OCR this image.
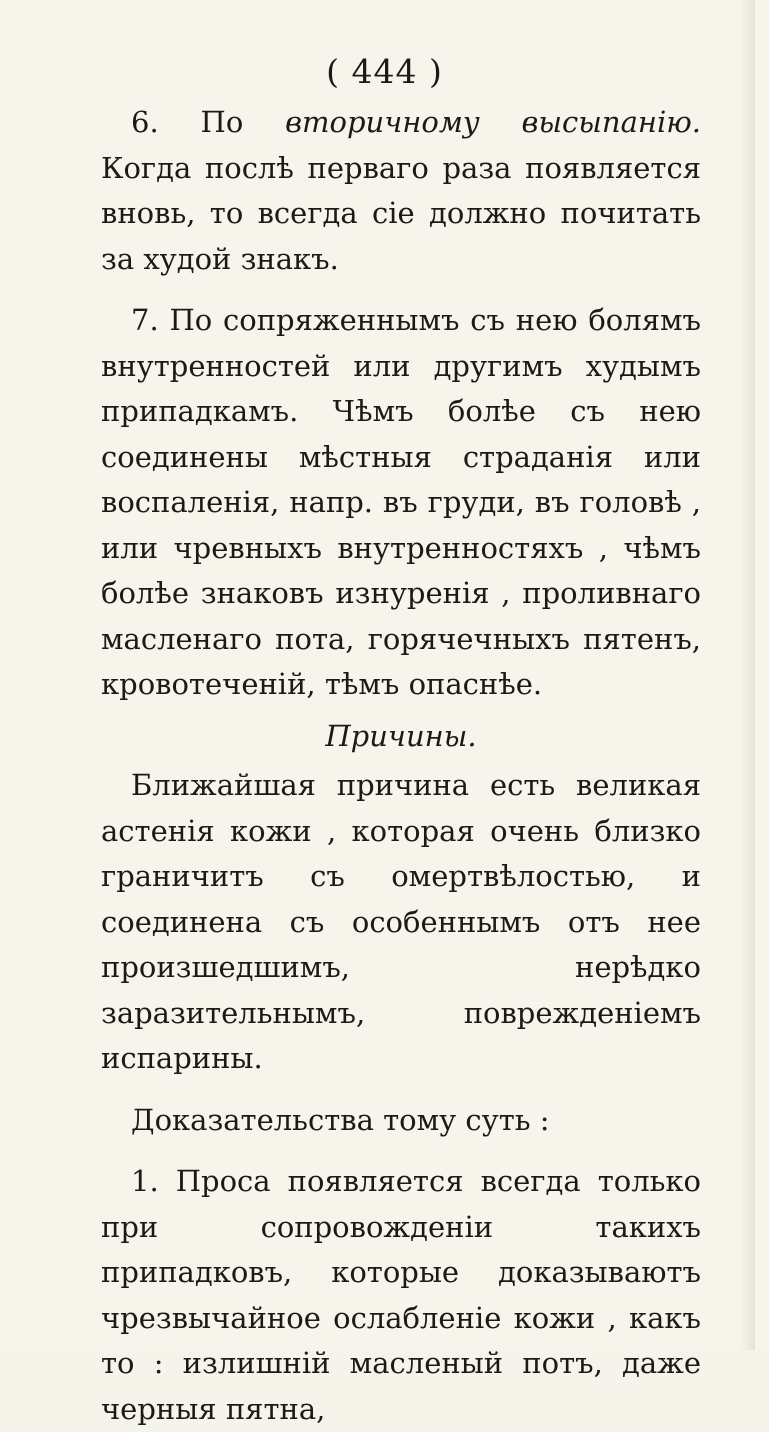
( 444 )

6. По вторичному высыпанію. Когда послѣ перваго раза появляется вновь, то всегда сіе должно почитать за худой знакъ.

7. По сопряженнымъ съ нею болямъ внутренностей или другимъ худымъ припадкамъ. Чѣмъ болѣе съ нею соединены мѣстныя страданія или воспаленія, напр. въ груди, въ головѣ , или чревныхъ внутренностяхъ , чѣмъ болѣе знаковъ изнуренія , проливнаго масленаго пота, горячечныхъ пятенъ, кровотеченій, тѣмъ опаснѣе.

Причины.

Ближайшая причина есть великая астенія кожи , которая очень близко граничитъ съ омертвѣлостью, и соединена съ особеннымъ отъ нее произшедшимъ, нерѣдко заразительнымъ, повреждeніемъ испарины.

Доказательства тому суть :

1. Проса появляется всегда только при сопровожденіи такихъ припадковъ, которые доказываютъ чрезвычайное ослабленіе кожи , какъ то : излишній масленый потъ, даже черныя пятна,
